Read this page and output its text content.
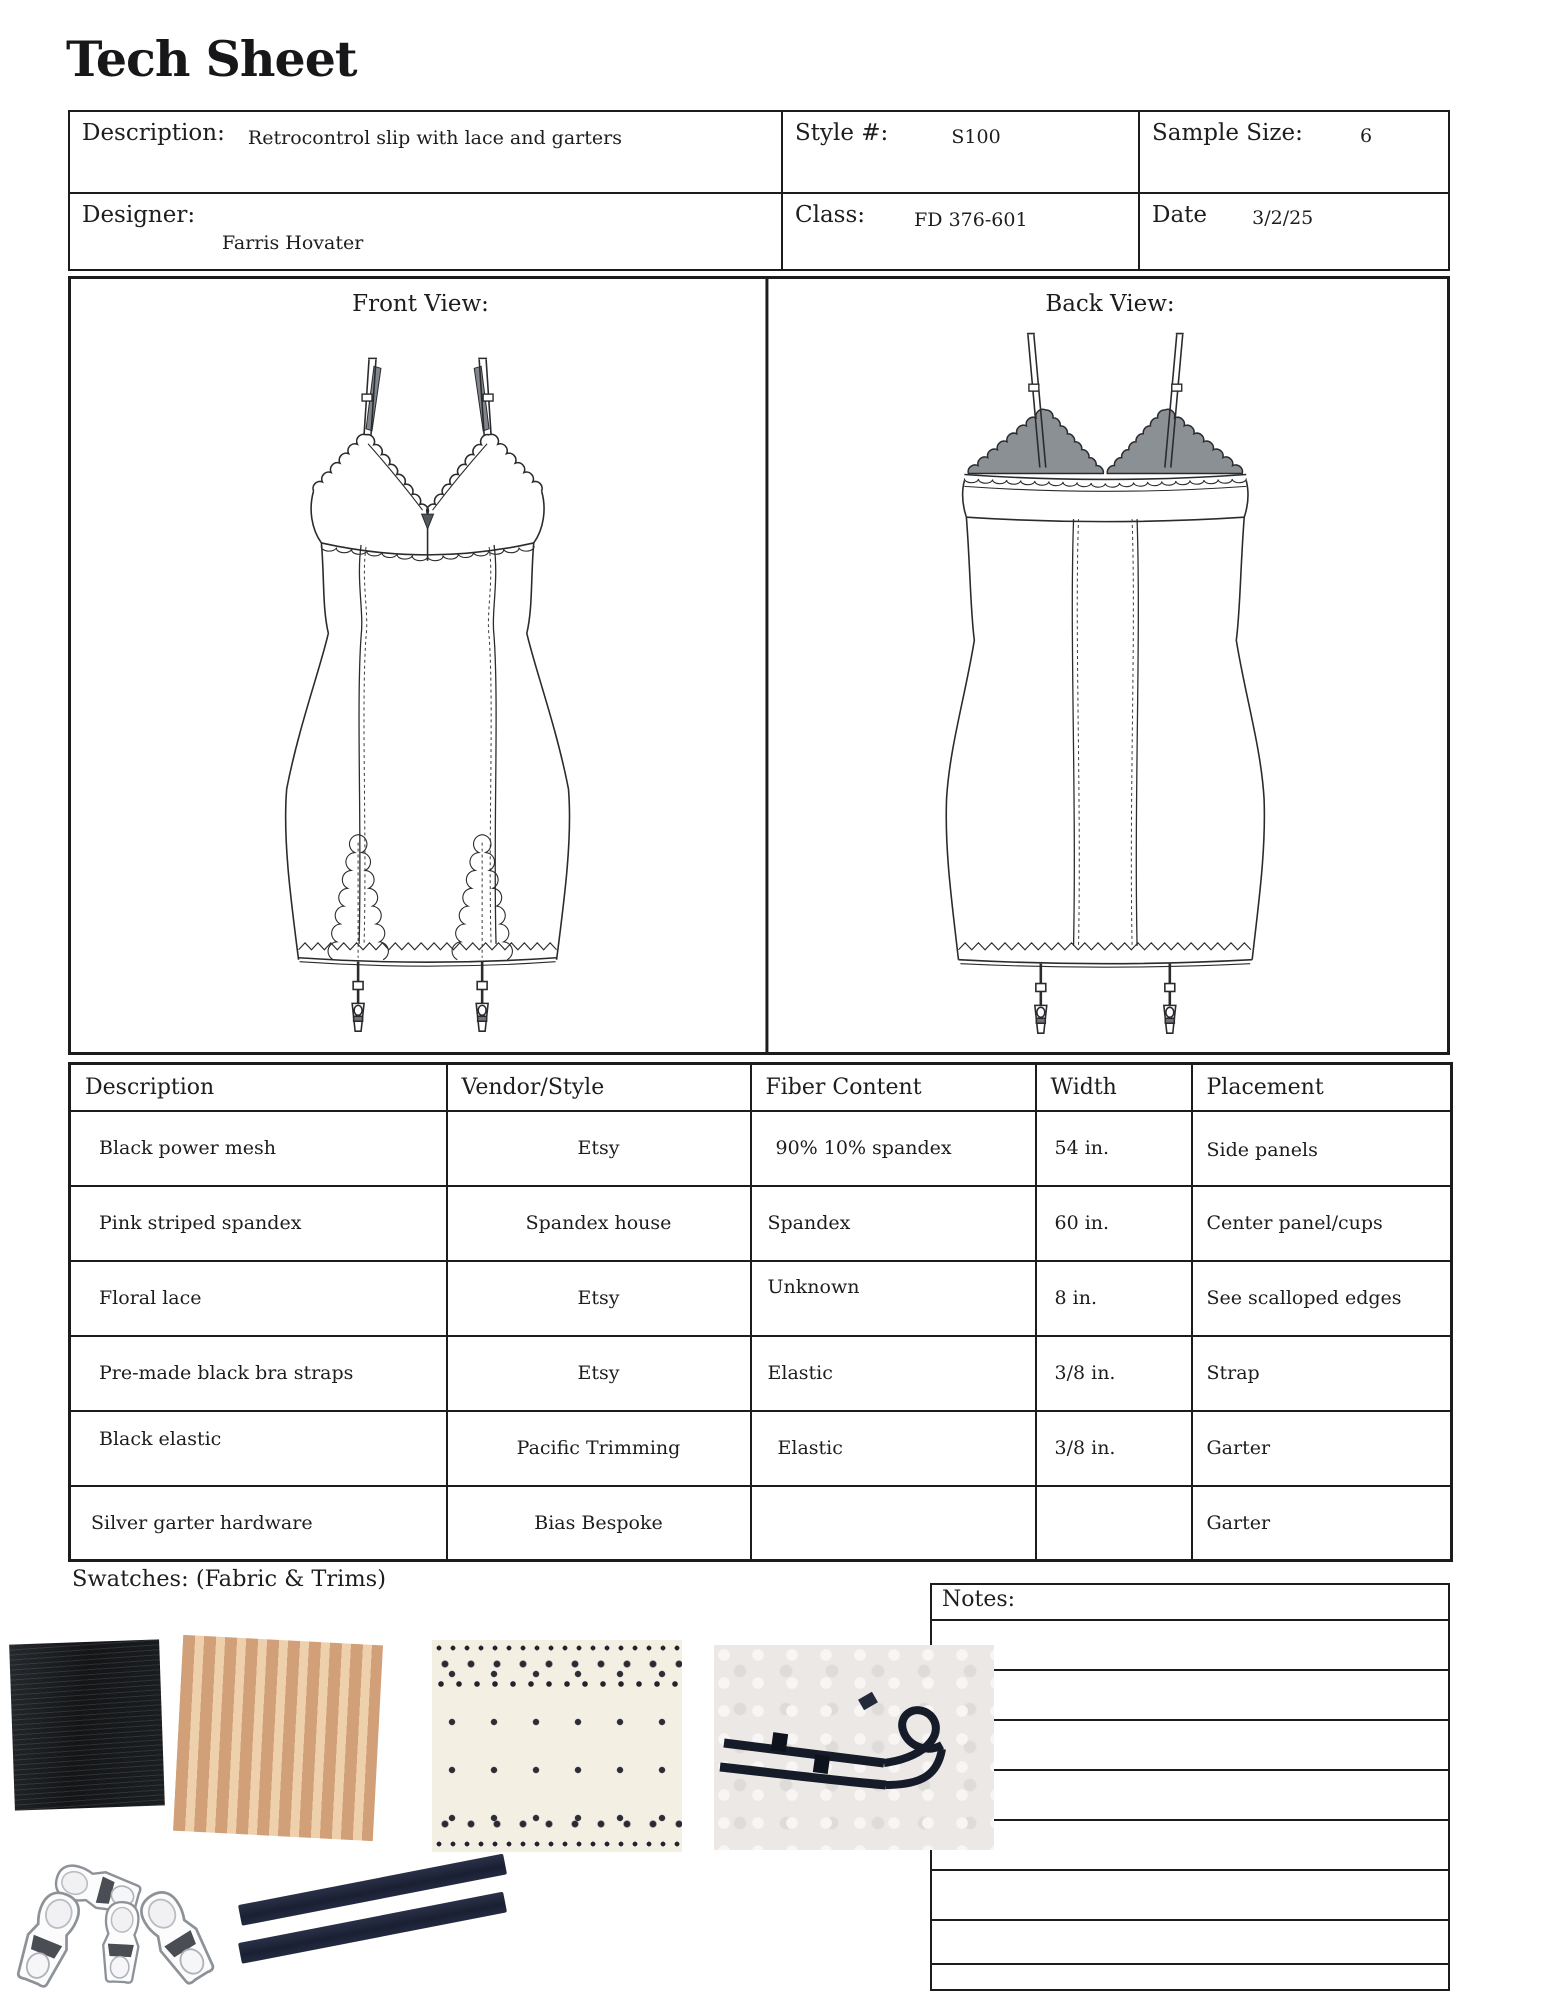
Tech Sheet
Description: Retrocontrol slip with lace and garters	Style #:	S100	Sample Size:	6
Designer:
Farris Hovater
Class:	FD 376-601	Date 3/2/25
Front View:	Back View:
Description	Vendor/Style	Fiber Content	Width	Placement
Black power mesh	Etsy	90% 10% spandex	54 in.	Side panels
Pink striped spandex	Spandex house	Spandex	60 in.	Center panel/cups
Floral lace	Etsy	Unknown	8 in.	See scalloped edges
Pre-made black bra straps	Etsy	Elastic	3/8 in.	Strap
Black elastic	Pacific Trimming	Elastic	3/8 in.	Garter
Silver garter hardware	Bias Bespoke			Garter
Swatches: (Fabric & Trims)
Notes:
